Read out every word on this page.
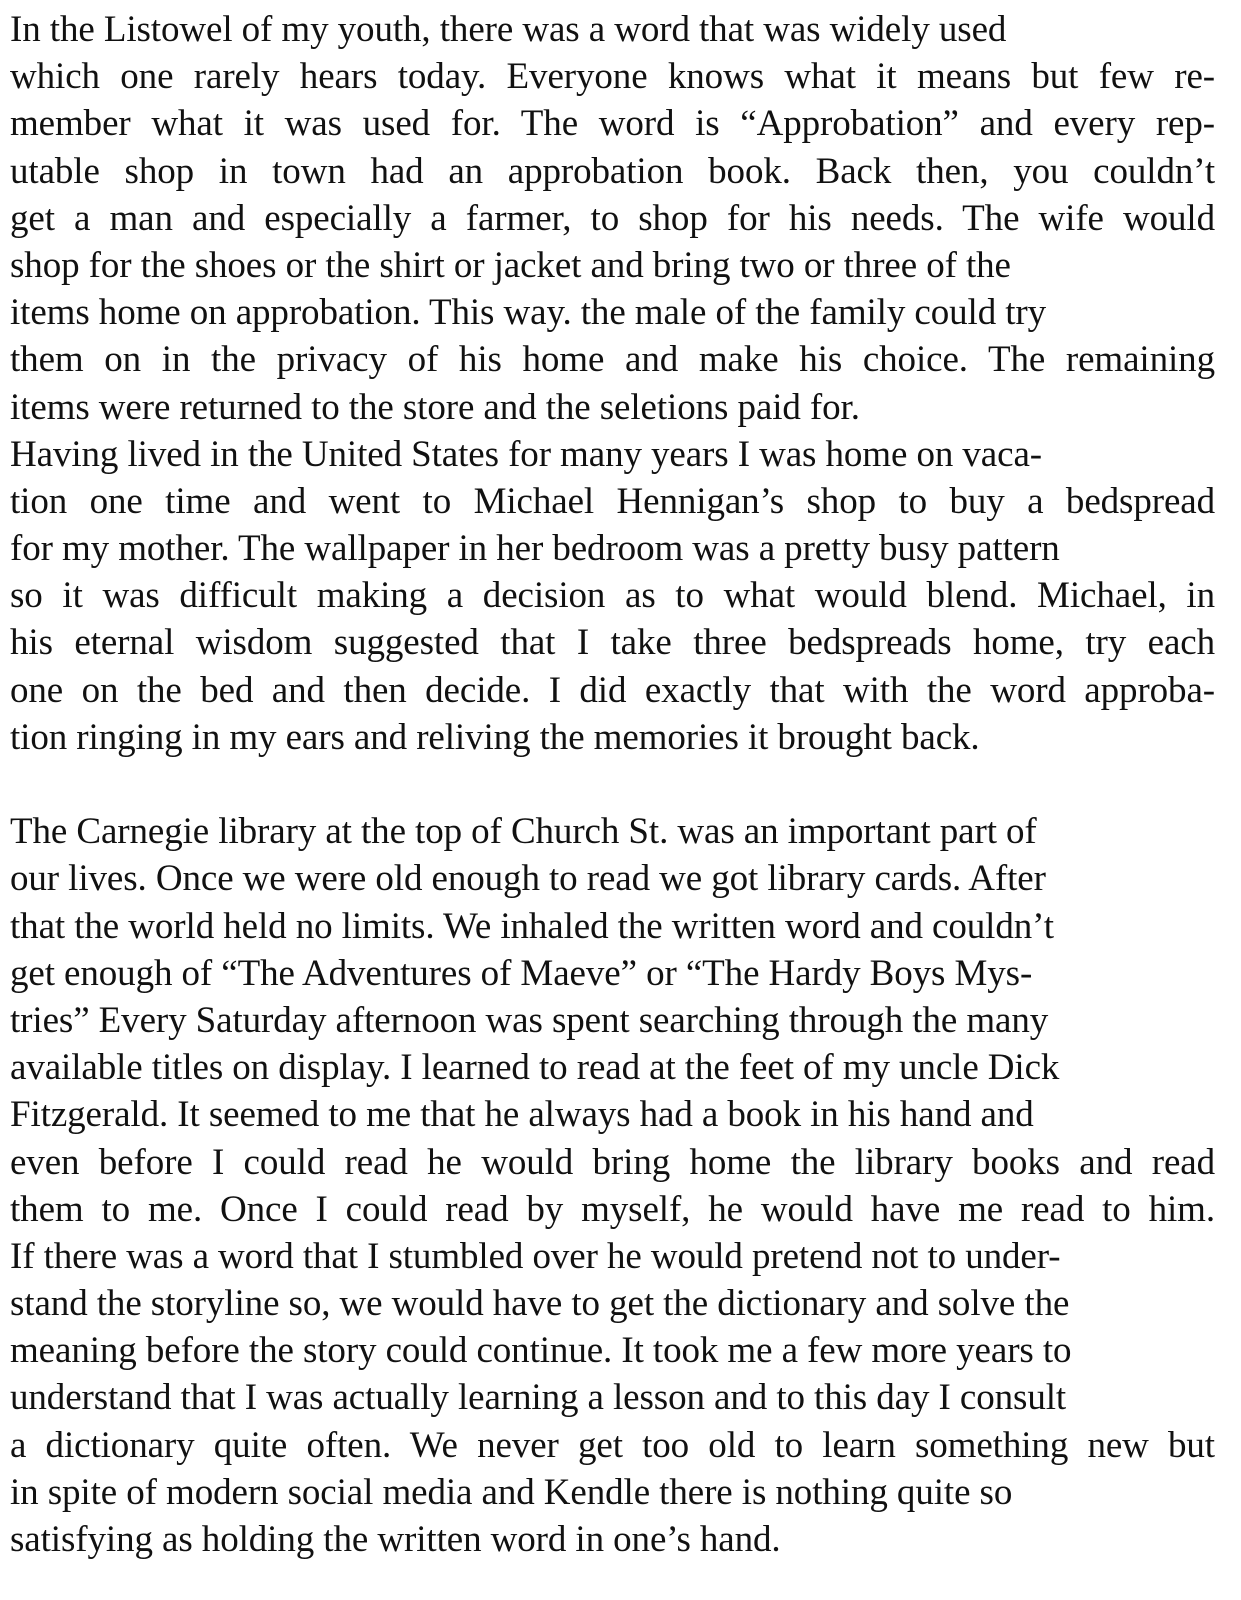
In the Listowel of my youth, there was a word that was widely used
which one rarely hears today. Everyone knows what it means but few re-
member what it was used for. The word is “Approbation” and every rep-
utable shop in town had an approbation book. Back then, you couldn’t
get a man and especially a farmer, to shop for his needs. The wife would
shop for the shoes or the shirt or jacket and bring two or three of the
items home on approbation. This way. the male of the family could try
them on in the privacy of his home and make his choice. The remaining
items were returned to the store and the seletions paid for.
Having lived in the United States for many years I was home on vaca-
tion one time and went to Michael Hennigan’s shop to buy a bedspread
for my mother. The wallpaper in her bedroom was a pretty busy pattern
so it was difficult making a decision as to what would blend. Michael, in
his eternal wisdom suggested that I take three bedspreads home, try each
one on the bed and then decide. I did exactly that with the word approba-
tion ringing in my ears and reliving the memories it brought back.
The Carnegie library at the top of Church St. was an important part of
our lives. Once we were old enough to read we got library cards. After
that the world held no limits. We inhaled the written word and couldn’t
get enough of “The Adventures of Maeve” or “The Hardy Boys Mys-
tries” Every Saturday afternoon was spent searching through the many
available titles on display. I learned to read at the feet of my uncle Dick
Fitzgerald. It seemed to me that he always had a book in his hand and
even before I could read he would bring home the library books and read
them to me. Once I could read by myself, he would have me read to him.
If there was a word that I stumbled over he would pretend not to under-
stand the storyline so, we would have to get the dictionary and solve the
meaning before the story could continue. It took me a few more years to
understand that I was actually learning a lesson and to this day I consult
a dictionary quite often. We never get too old to learn something new but
in spite of modern social media and Kendle there is nothing quite so
satisfying as holding the written word in one’s hand.
